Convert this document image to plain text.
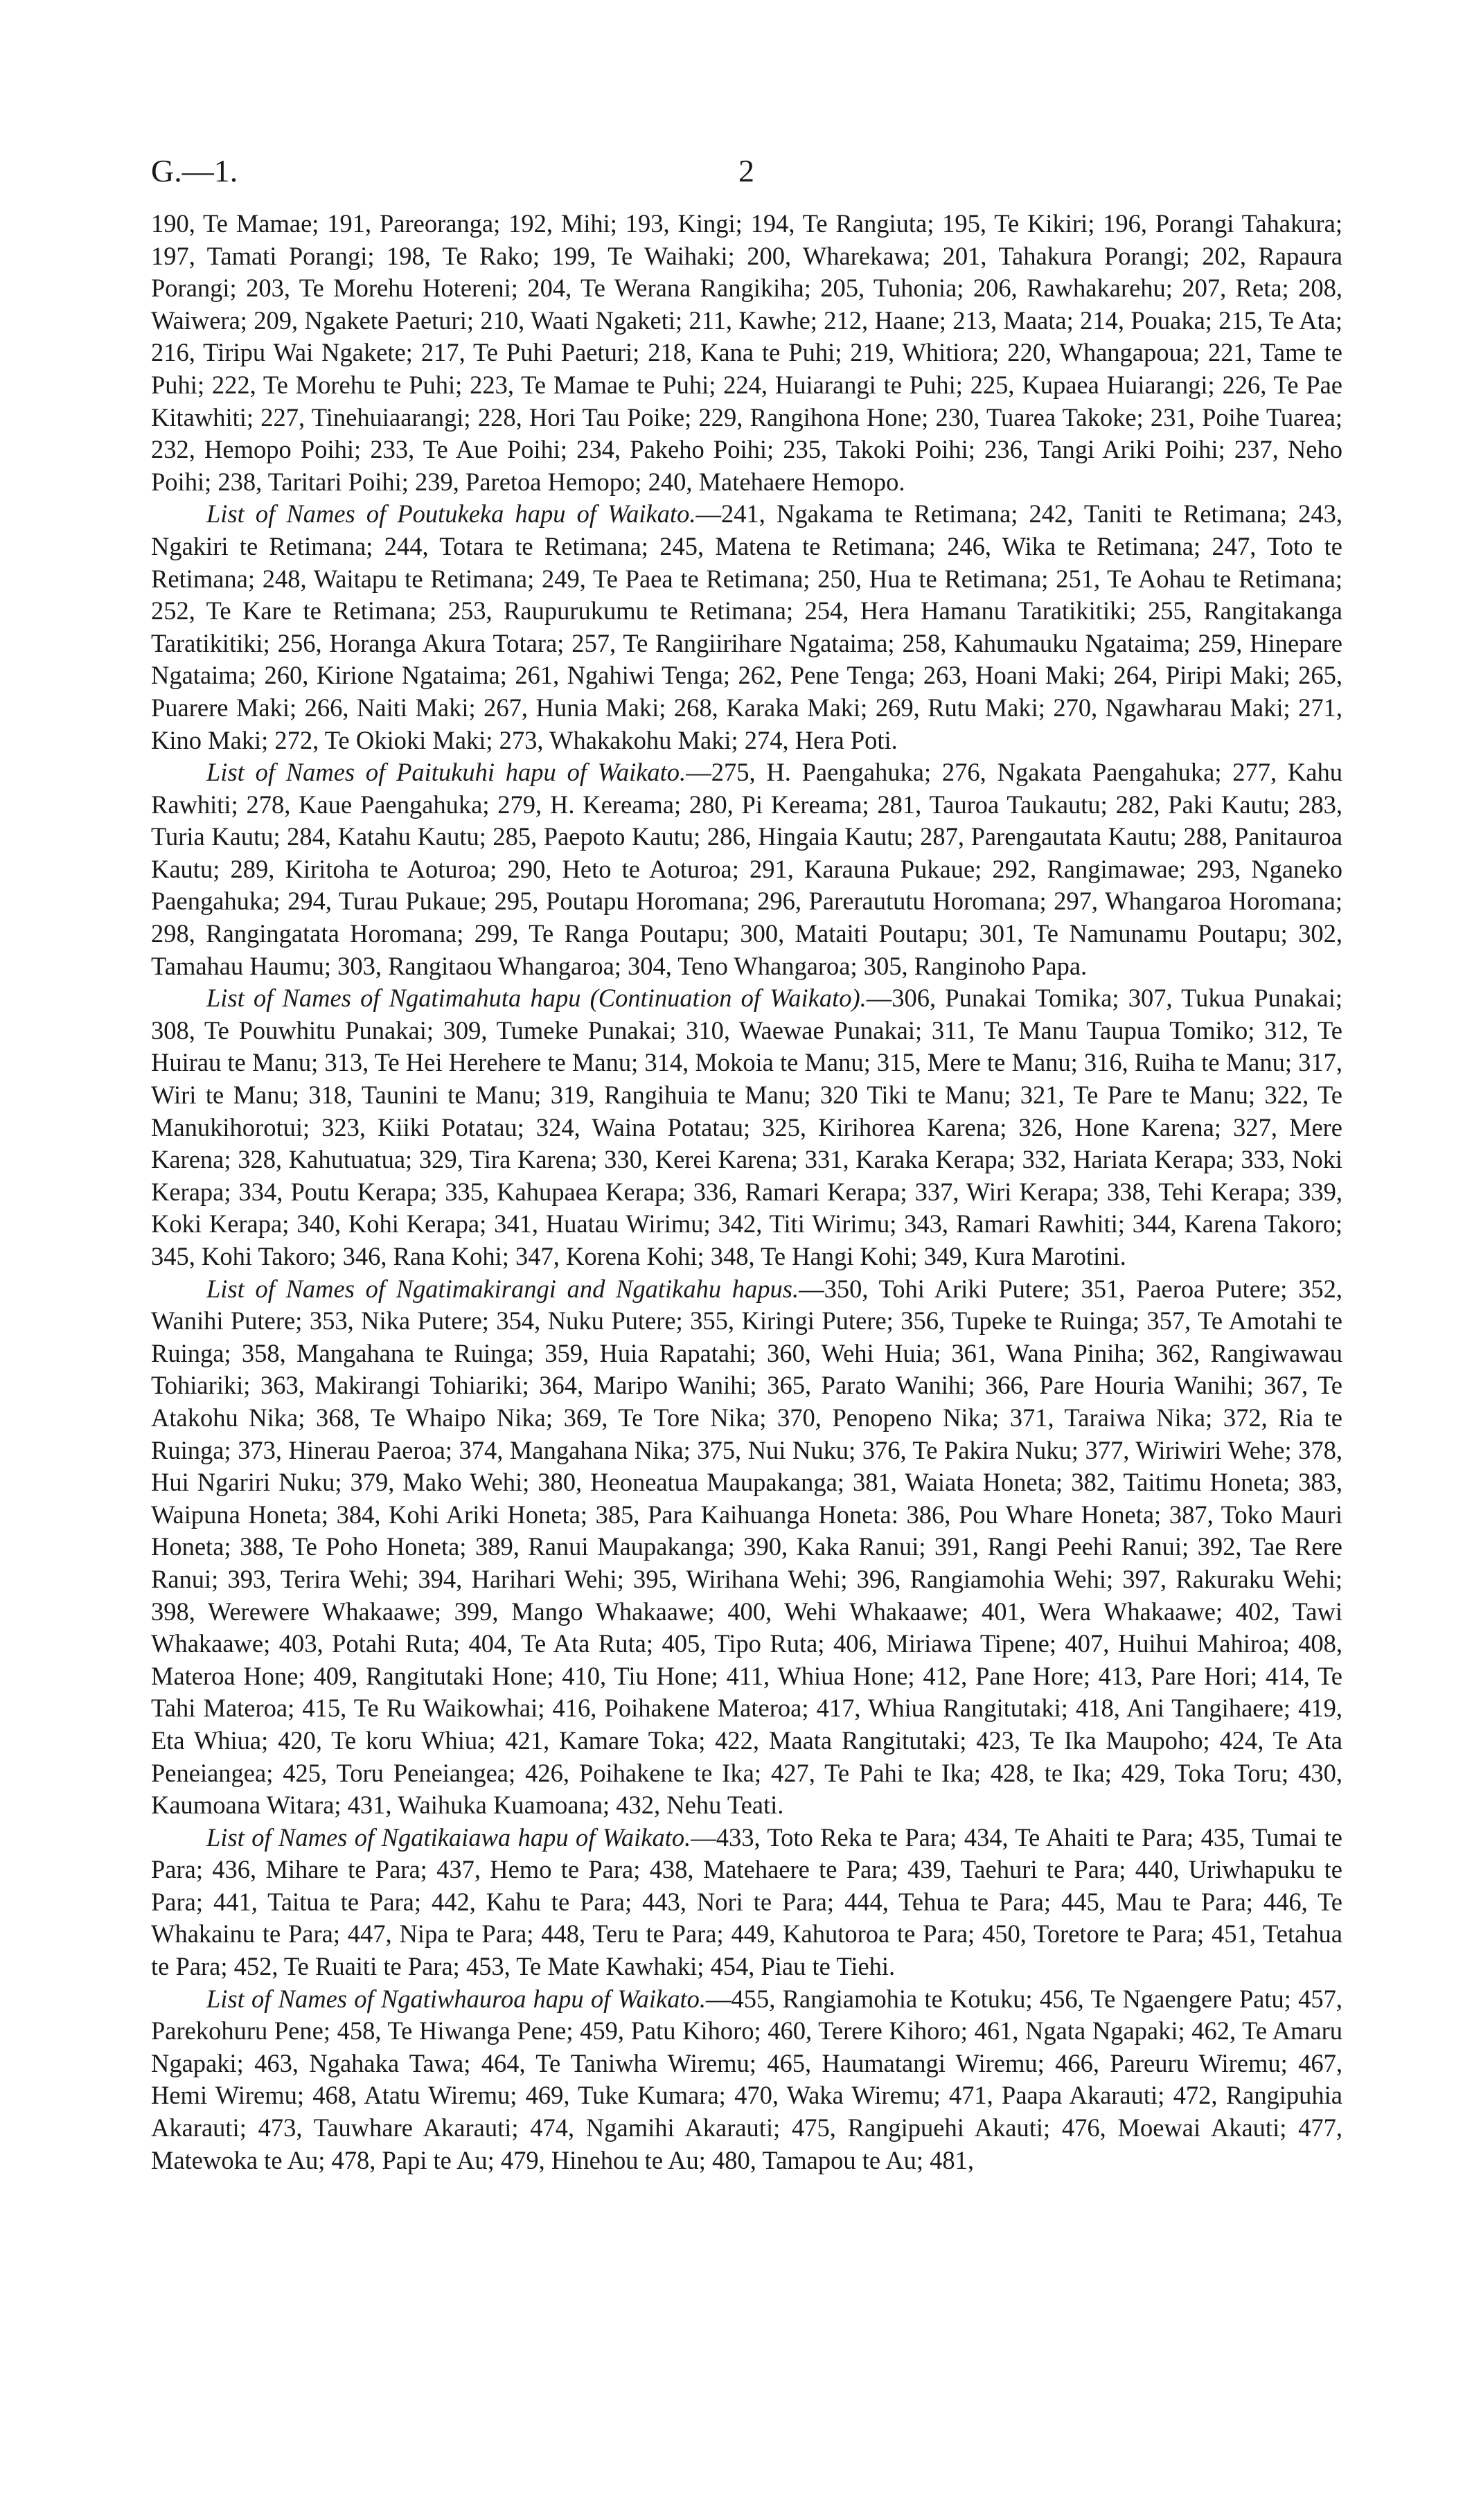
G.—1.	2

190, Te Mamae; 191, Pareoranga; 192, Mihi; 193, Kingi; 194, Te Rangiuta; 195, Te Kikiri; 196, Porangi Tahakura; 197, Tamati Porangi; 198, Te Rako; 199, Te Waihaki; 200, Wharekawa; 201, Tahakura Porangi; 202, Rapaura Porangi; 203, Te Morehu Hotereni; 204, Te Werana Rangikiha; 205, Tuhonia; 206, Rawhakarehu; 207, Reta; 208, Waiwera; 209, Ngakete Paeturi; 210, Waati Ngaketi; 211, Kawhe; 212, Haane; 213, Maata; 214, Pouaka; 215, Te Ata; 216, Tiripu Wai Ngakete; 217, Te Puhi Paeturi; 218, Kana te Puhi; 219, Whitiora; 220, Whangapoua; 221, Tame te Puhi; 222, Te Morehu te Puhi; 223, Te Mamae te Puhi; 224, Huiarangi te Puhi; 225, Kupaea Huiarangi; 226, Te Pae Kitawhiti; 227, Tinehuiaarangi; 228, Hori Tau Poike; 229, Rangihona Hone; 230, Tuarea Takoke; 231, Poihe Tuarea; 232, Hemopo Poihi; 233, Te Aue Poihi; 234, Pakeho Poihi; 235, Takoki Poihi; 236, Tangi Ariki Poihi; 237, Neho Poihi; 238, Taritari Poihi; 239, Paretoa Hemopo; 240, Matehaere Hemopo.

List of Names of Poutukeka hapu of Waikato.—241, Ngakama te Retimana; 242, Taniti te Retimana; 243, Ngakiri te Retimana; 244, Totara te Retimana; 245, Matena te Retimana; 246, Wika te Retimana; 247, Toto te Retimana; 248, Waitapu te Retimana; 249, Te Paea te Retimana; 250, Hua te Retimana; 251, Te Aohau te Retimana; 252, Te Kare te Retimana; 253, Raupurukumu te Retimana; 254, Hera Hamanu Taratikitiki; 255, Rangitakanga Taratikitiki; 256, Horanga Akura Totara; 257, Te Rangiirihare Ngataima; 258, Kahumauku Ngataima; 259, Hinepare Ngataima; 260, Kirione Ngataima; 261, Ngahiwi Tenga; 262, Pene Tenga; 263, Hoani Maki; 264, Piripi Maki; 265, Puarere Maki; 266, Naiti Maki; 267, Hunia Maki; 268, Karaka Maki; 269, Rutu Maki; 270, Ngawharau Maki; 271, Kino Maki; 272, Te Okioki Maki; 273, Whakakohu Maki; 274, Hera Poti.

List of Names of Paitukuhi hapu of Waikato.—275, H. Paengahuka; 276, Ngakata Paengahuka; 277, Kahu Rawhiti; 278, Kaue Paengahuka; 279, H. Kereama; 280, Pi Kereama; 281, Tauroa Taukautu; 282, Paki Kautu; 283, Turia Kautu; 284, Katahu Kautu; 285, Paepoto Kautu; 286, Hingaia Kautu; 287, Parengautata Kautu; 288, Panitauroa Kautu; 289, Kiritoha te Aoturoa; 290, Heto te Aoturoa; 291, Karauna Pukaue; 292, Rangimawae; 293, Nganeko Paengahuka; 294, Turau Pukaue; 295, Poutapu Horomana; 296, Pareraututu Horomana; 297, Whangaroa Horomana; 298, Rangingatata Horomana; 299, Te Ranga Poutapu; 300, Mataiti Poutapu; 301, Te Namunamu Poutapu; 302, Tamahau Haumu; 303, Rangitaou Whangaroa; 304, Teno Whangaroa; 305, Ranginoho Papa.

List of Names of Ngatimahuta hapu (Continuation of Waikato).—306, Punakai Tomika; 307, Tukua Punakai; 308, Te Pouwhitu Punakai; 309, Tumeke Punakai; 310, Waewae Punakai; 311, Te Manu Taupua Tomiko; 312, Te Huirau te Manu; 313, Te Hei Herehere te Manu; 314, Mokoia te Manu; 315, Mere te Manu; 316, Ruiha te Manu; 317, Wiri te Manu; 318, Taunini te Manu; 319, Rangihuia te Manu; 320 Tiki te Manu; 321, Te Pare te Manu; 322, Te Manukihorotui; 323, Kiiki Potatau; 324, Waina Potatau; 325, Kirihorea Karena; 326, Hone Karena; 327, Mere Karena; 328, Kahutuatua; 329, Tira Karena; 330, Kerei Karena; 331, Karaka Kerapa; 332, Hariata Kerapa; 333, Noki Kerapa; 334, Poutu Kerapa; 335, Kahupaea Kerapa; 336, Ramari Kerapa; 337, Wiri Kerapa; 338, Tehi Kerapa; 339, Koki Kerapa; 340, Kohi Kerapa; 341, Huatau Wirimu; 342, Titi Wirimu; 343, Ramari Rawhiti; 344, Karena Takoro; 345, Kohi Takoro; 346, Rana Kohi; 347, Korena Kohi; 348, Te Hangi Kohi; 349, Kura Marotini.

List of Names of Ngatimakirangi and Ngatikahu hapus.—350, Tohi Ariki Putere; 351, Paeroa Putere; 352, Wanihi Putere; 353, Nika Putere; 354, Nuku Putere; 355, Kiringi Putere; 356, Tupeke te Ruinga; 357, Te Amotahi te Ruinga; 358, Mangahana te Ruinga; 359, Huia Rapatahi; 360, Wehi Huia; 361, Wana Piniha; 362, Rangiwawau Tohiariki; 363, Makirangi Tohiariki; 364, Maripo Wanihi; 365, Parato Wanihi; 366, Pare Houria Wanihi; 367, Te Atakohu Nika; 368, Te Whaipo Nika; 369, Te Tore Nika; 370, Penopeno Nika; 371, Taraiwa Nika; 372, Ria te Ruinga; 373, Hinerau Paeroa; 374, Mangahana Nika; 375, Nui Nuku; 376, Te Pakira Nuku; 377, Wiriwiri Wehe; 378, Hui Ngariri Nuku; 379, Mako Wehi; 380, Heoneatua Maupakanga; 381, Waiata Honeta; 382, Taitimu Honeta; 383, Waipuna Honeta; 384, Kohi Ariki Honeta; 385, Para Kaihuanga Honeta: 386, Pou Whare Honeta; 387, Toko Mauri Honeta; 388, Te Poho Honeta; 389, Ranui Maupakanga; 390, Kaka Ranui; 391, Rangi Peehi Ranui; 392, Tae Rere Ranui; 393, Terira Wehi; 394, Harihari Wehi; 395, Wirihana Wehi; 396, Rangiamohia Wehi; 397, Rakuraku Wehi; 398, Werewere Whakaawe; 399, Mango Whakaawe; 400, Wehi Whakaawe; 401, Wera Whakaawe; 402, Tawi Whakaawe; 403, Potahi Ruta; 404, Te Ata Ruta; 405, Tipo Ruta; 406, Miriawa Tipene; 407, Huihui Mahiroa; 408, Materoa Hone; 409, Rangitutaki Hone; 410, Tiu Hone; 411, Whiua Hone; 412, Pane Hore; 413, Pare Hori; 414, Te Tahi Materoa; 415, Te Ru Waikowhai; 416, Poihakene Materoa; 417, Whiua Rangitutaki; 418, Ani Tangihaere; 419, Eta Whiua; 420, Te koru Whiua; 421, Kamare Toka; 422, Maata Rangitutaki; 423, Te Ika Maupoho; 424, Te Ata Peneiangea; 425, Toru Peneiangea; 426, Poihakene te Ika; 427, Te Pahi te Ika; 428, te Ika; 429, Toka Toru; 430, Kaumoana Witara; 431, Waihuka Kuamoana; 432, Nehu Teati.

List of Names of Ngatikaiawa hapu of Waikato.—433, Toto Reka te Para; 434, Te Ahaiti te Para; 435, Tumai te Para; 436, Mihare te Para; 437, Hemo te Para; 438, Matehaere te Para; 439, Taehuri te Para; 440, Uriwhapuku te Para; 441, Taitua te Para; 442, Kahu te Para; 443, Nori te Para; 444, Tehua te Para; 445, Mau te Para; 446, Te Whakainu te Para; 447, Nipa te Para; 448, Teru te Para; 449, Kahutoroa te Para; 450, Toretore te Para; 451, Tetahua te Para; 452, Te Ruaiti te Para; 453, Te Mate Kawhaki; 454, Piau te Tiehi.

List of Names of Ngatiwhauroa hapu of Waikato.—455, Rangiamohia te Kotuku; 456, Te Ngaengere Patu; 457, Parekohuru Pene; 458, Te Hiwanga Pene; 459, Patu Kihoro; 460, Terere Kihoro; 461, Ngata Ngapaki; 462, Te Amaru Ngapaki; 463, Ngahaka Tawa; 464, Te Taniwha Wiremu; 465, Haumatangi Wiremu; 466, Pareuru Wiremu; 467, Hemi Wiremu; 468, Atatu Wiremu; 469, Tuke Kumara; 470, Waka Wiremu; 471, Paapa Akarauti; 472, Rangipuhia Akarauti; 473, Tauwhare Akarauti; 474, Ngamihi Akarauti; 475, Rangipuehi Akauti; 476, Moewai Akauti; 477, Matewoka te Au; 478, Papi te Au; 479, Hinehou te Au; 480, Tamapou te Au; 481,
